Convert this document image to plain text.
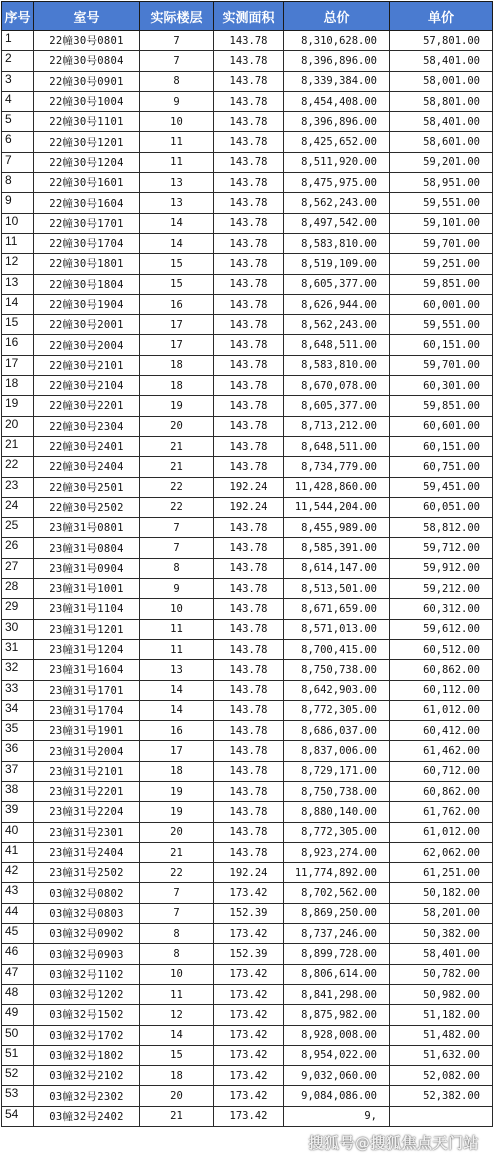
序号	室号	实际楼层	实测面积	总价	单价
1	22幢30号0801	7	143.78	8,310,628.00	57,801.00
2	22幢30号0804	7	143.78	8,396,896.00	58,401.00
3	22幢30号0901	8	143.78	8,339,384.00	58,001.00
4	22幢30号1004	9	143.78	8,454,408.00	58,801.00
5	22幢30号1101	10	143.78	8,396,896.00	58,401.00
6	22幢30号1201	11	143.78	8,425,652.00	58,601.00
7	22幢30号1204	11	143.78	8,511,920.00	59,201.00
8	22幢30号1601	13	143.78	8,475,975.00	58,951.00
9	22幢30号1604	13	143.78	8,562,243.00	59,551.00
10	22幢30号1701	14	143.78	8,497,542.00	59,101.00
11	22幢30号1704	14	143.78	8,583,810.00	59,701.00
12	22幢30号1801	15	143.78	8,519,109.00	59,251.00
13	22幢30号1804	15	143.78	8,605,377.00	59,851.00
14	22幢30号1904	16	143.78	8,626,944.00	60,001.00
15	22幢30号2001	17	143.78	8,562,243.00	59,551.00
16	22幢30号2004	17	143.78	8,648,511.00	60,151.00
17	22幢30号2101	18	143.78	8,583,810.00	59,701.00
18	22幢30号2104	18	143.78	8,670,078.00	60,301.00
19	22幢30号2201	19	143.78	8,605,377.00	59,851.00
20	22幢30号2304	20	143.78	8,713,212.00	60,601.00
21	22幢30号2401	21	143.78	8,648,511.00	60,151.00
22	22幢30号2404	21	143.78	8,734,779.00	60,751.00
23	22幢30号2501	22	192.24	11,428,860.00	59,451.00
24	22幢30号2502	22	192.24	11,544,204.00	60,051.00
25	23幢31号0801	7	143.78	8,455,989.00	58,812.00
26	23幢31号0804	7	143.78	8,585,391.00	59,712.00
27	23幢31号0904	8	143.78	8,614,147.00	59,912.00
28	23幢31号1001	9	143.78	8,513,501.00	59,212.00
29	23幢31号1104	10	143.78	8,671,659.00	60,312.00
30	23幢31号1201	11	143.78	8,571,013.00	59,612.00
31	23幢31号1204	11	143.78	8,700,415.00	60,512.00
32	23幢31号1604	13	143.78	8,750,738.00	60,862.00
33	23幢31号1701	14	143.78	8,642,903.00	60,112.00
34	23幢31号1704	14	143.78	8,772,305.00	61,012.00
35	23幢31号1901	16	143.78	8,686,037.00	60,412.00
36	23幢31号2004	17	143.78	8,837,006.00	61,462.00
37	23幢31号2101	18	143.78	8,729,171.00	60,712.00
38	23幢31号2201	19	143.78	8,750,738.00	60,862.00
39	23幢31号2204	19	143.78	8,880,140.00	61,762.00
40	23幢31号2301	20	143.78	8,772,305.00	61,012.00
41	23幢31号2404	21	143.78	8,923,274.00	62,062.00
42	23幢31号2502	22	192.24	11,774,892.00	61,251.00
43	03幢32号0802	7	173.42	8,702,562.00	50,182.00
44	03幢32号0803	7	152.39	8,869,250.00	58,201.00
45	03幢32号0902	8	173.42	8,737,246.00	50,382.00
46	03幢32号0903	8	152.39	8,899,728.00	58,401.00
47	03幢32号1102	10	173.42	8,806,614.00	50,782.00
48	03幢32号1202	11	173.42	8,841,298.00	50,982.00
49	03幢32号1502	12	173.42	8,875,982.00	51,182.00
50	03幢32号1702	14	173.42	8,928,008.00	51,482.00
51	03幢32号1802	15	173.42	8,954,022.00	51,632.00
52	03幢32号2102	18	173.42	9,032,060.00	52,082.00
53	03幢32号2302	20	173.42	9,084,086.00	52,382.00
54	03幢32号2402	21	173.42	9,	
搜狐号@搜狐焦点天门站
